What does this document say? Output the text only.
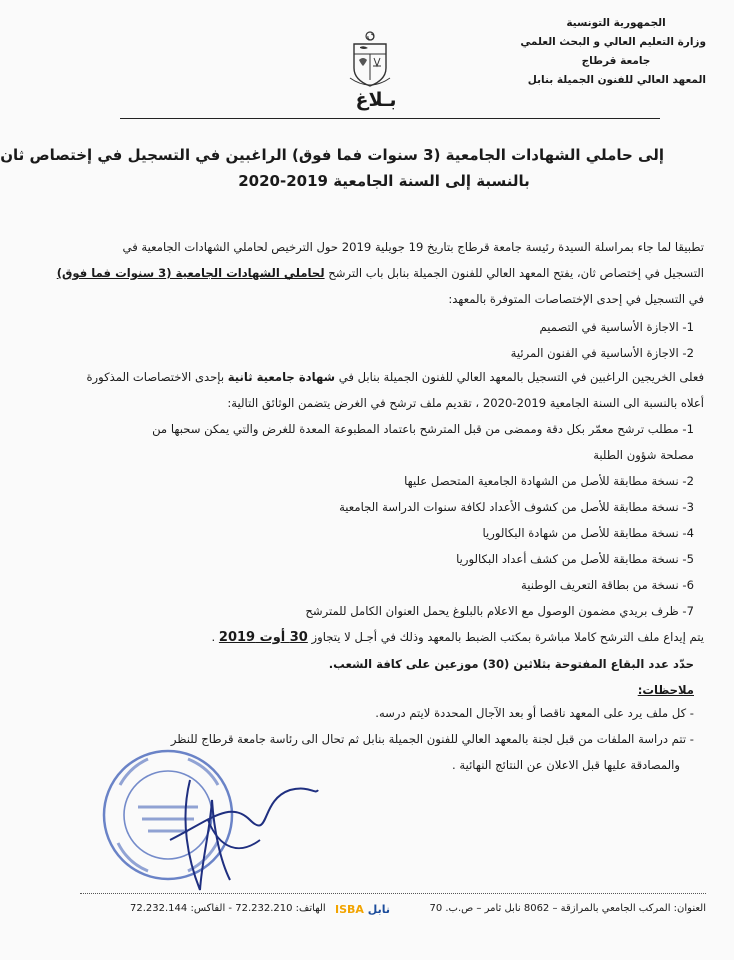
الجمهورية التونسية
وزارة التعليم العالي و البحث العلمي
جامعة قرطاج
المعهد العالي للفنون الجميلة بنابل
بـلاغ
إلى حاملي الشهادات الجامعية (3 سنوات فما فوق) الراغبين في التسجيل في إختصاص ثان
بالنسبة إلى السنة الجامعية 2019-2020
تطبيقا لما جاء بمراسلة السيدة رئيسة جامعة قرطاج بتاريخ 19 جويلية 2019 حول الترخيص لحاملي الشهادات الجامعية في
التسجيل في إختصاص ثان، يفتح المعهد العالي للفنون الجميلة بنابل باب الترشح لحاملي الشهادات الجامعية (3 سنوات فما فوق)
في التسجيل في إحدى الإختصاصات المتوفرة بالمعهد:
1- الاجازة الأساسية في التصميم
2- الاجازة الأساسية في الفنون المرئية
فعلى الخريجين الراغبين في التسجيل بالمعهد العالي للفنون الجميلة بنابل في شهادة جامعية ثانية بإحدى الاختصاصات المذكورة
أعلاه بالنسبة الى السنة الجامعية 2019-2020 ، تقديم ملف ترشح في الغرض يتضمن الوثائق التالية:
1- مطلب ترشح معمّر بكل دقة وممضى من قبل المترشح باعتماد المطبوعة المعدة للغرض والتي يمكن سحبها من
مصلحة شؤون الطلبة
2- نسخة مطابقة للأصل من الشهادة الجامعية المتحصل عليها
3- نسخة مطابقة للأصل من كشوف الأعداد لكافة سنوات الدراسة الجامعية
4- نسخة مطابقة للأصل من شهادة البكالوريا
5- نسخة مطابقة للأصل من كشف أعداد البكالوريا
6- نسخة من بطاقة التعريف الوطنية
7- ظرف بريدي مضمون الوصول مع الاعلام بالبلوغ يحمل العنوان الكامل للمترشح
يتم إيداع ملف الترشح كاملا مباشرة بمكتب الضبط بالمعهد وذلك في أجـل لا يتجاوز 30 أوت 2019 .
حدّد عدد البقاع المفتوحة بثلاثين (30) موزعين على كافة الشعب.
ملاحظات:
- كل ملف يرد على المعهد ناقصا أو بعد الآجال المحددة لايتم درسه.
- تتم دراسة الملفات من قبل لجنة بالمعهد العالي للفنون الجميلة بنابل ثم تحال الى رئاسة جامعة قرطاج للنظر
والمصادقة عليها قبل الاعلان عن النتائج النهائية .
العنوان: المركب الجامعي بالمرازقة – 8062 نابل ثامر – ص.ب. 70
ISBA نابل
الهاتف: 72.232.210 - الفاكس: 72.232.144
